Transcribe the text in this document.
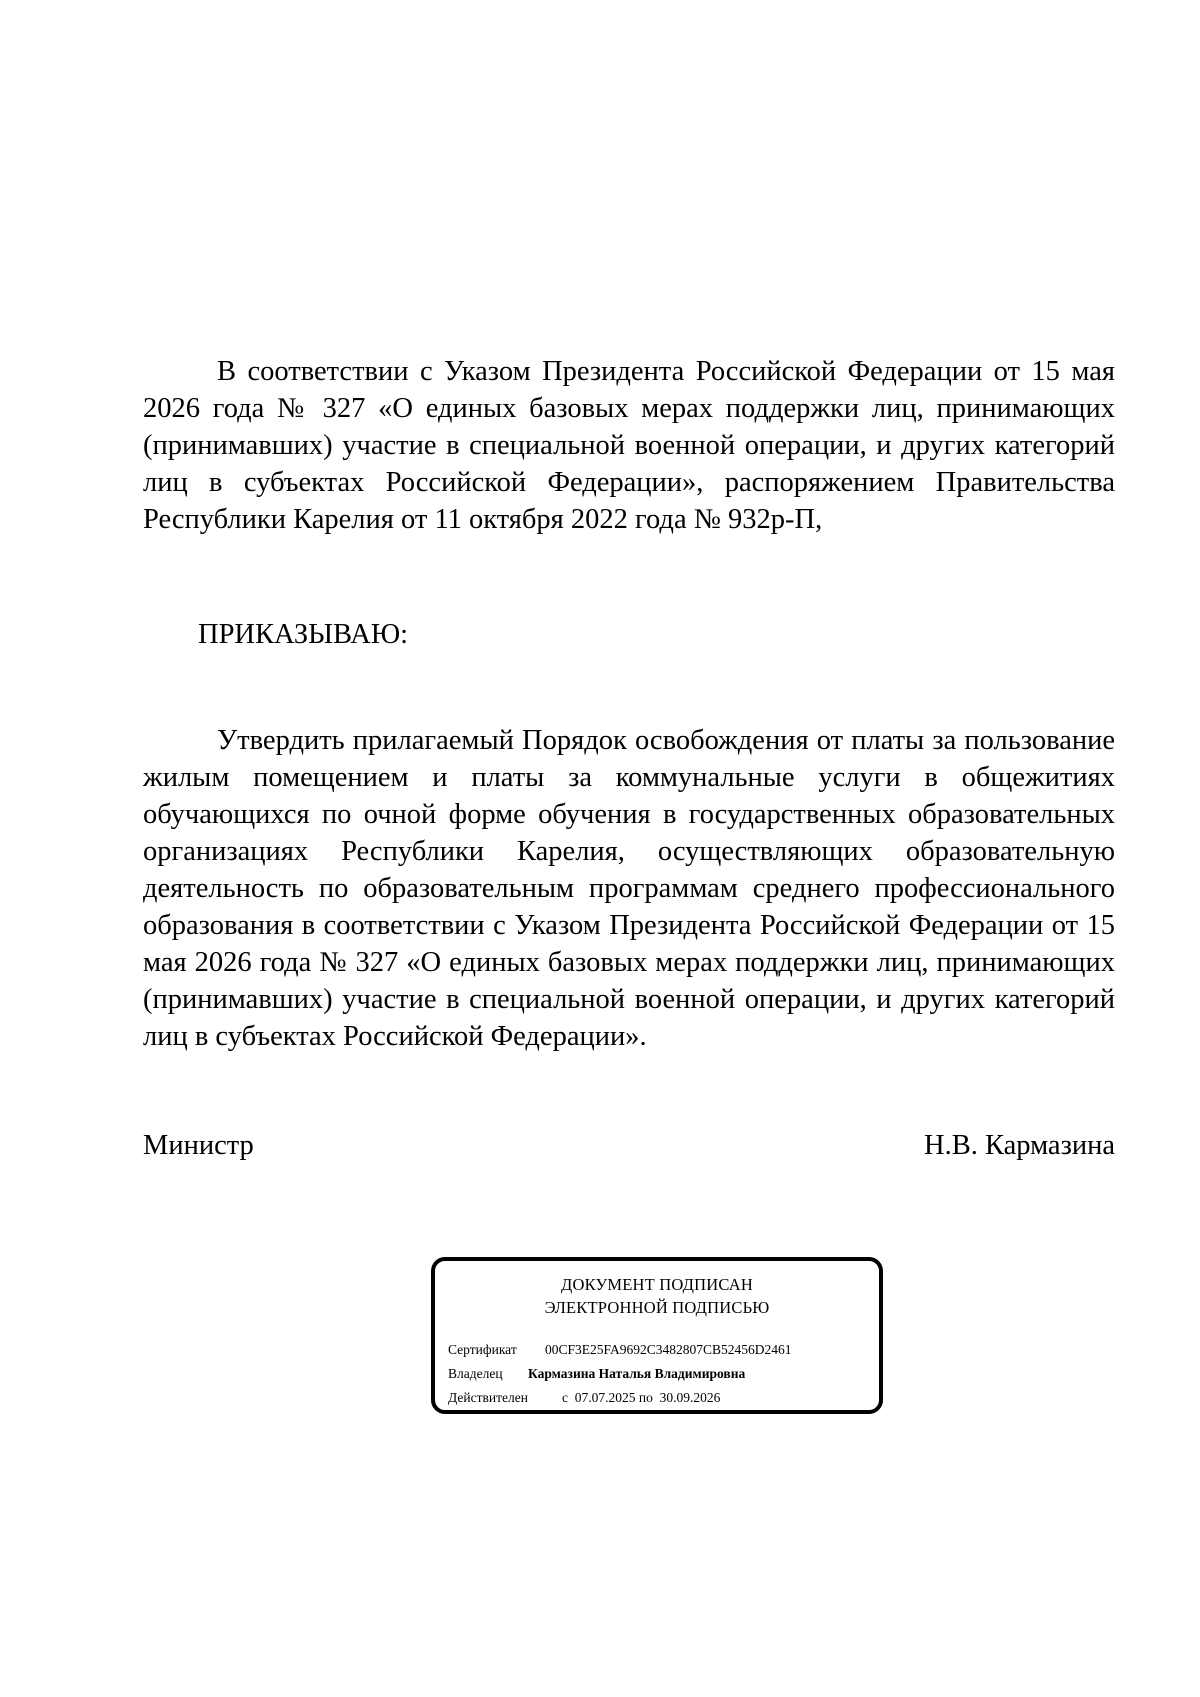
В соответствии с Указом Президента Российской Федерации от 15 мая 2026 года № 327 «О единых базовых мерах поддержки лиц, принимающих (принимавших) участие в специальной военной операции, и других категорий лиц в субъектах Российской Федерации», распоряжением Правительства Республики Карелия от 11 октября 2022 года № 932р-П,

ПРИКАЗЫВАЮ:

Утвердить прилагаемый Порядок освобождения от платы за пользование жилым помещением и платы за коммунальные услуги в общежитиях обучающихся по очной форме обучения в государственных образовательных организациях Республики Карелия, осуществляющих образовательную деятельность по образовательным программам среднего профессионального образования в соответствии с Указом Президента Российской Федерации от 15 мая 2026 года № 327 «О единых базовых мерах поддержки лиц, принимающих (принимавших) участие в специальной военной операции, и других категорий лиц в субъектах Российской Федерации».

Министр	Н.В. Кармазина
ДОКУМЕНТ ПОДПИСАН
ЭЛЕКТРОННОЙ ПОДПИСЬЮ
Сертификат 00CF3E25FA9692C3482807CB52456D2461
Владелец Кармазина Наталья Владимировна
Действителен	с  07.07.2025 по  30.09.2026
